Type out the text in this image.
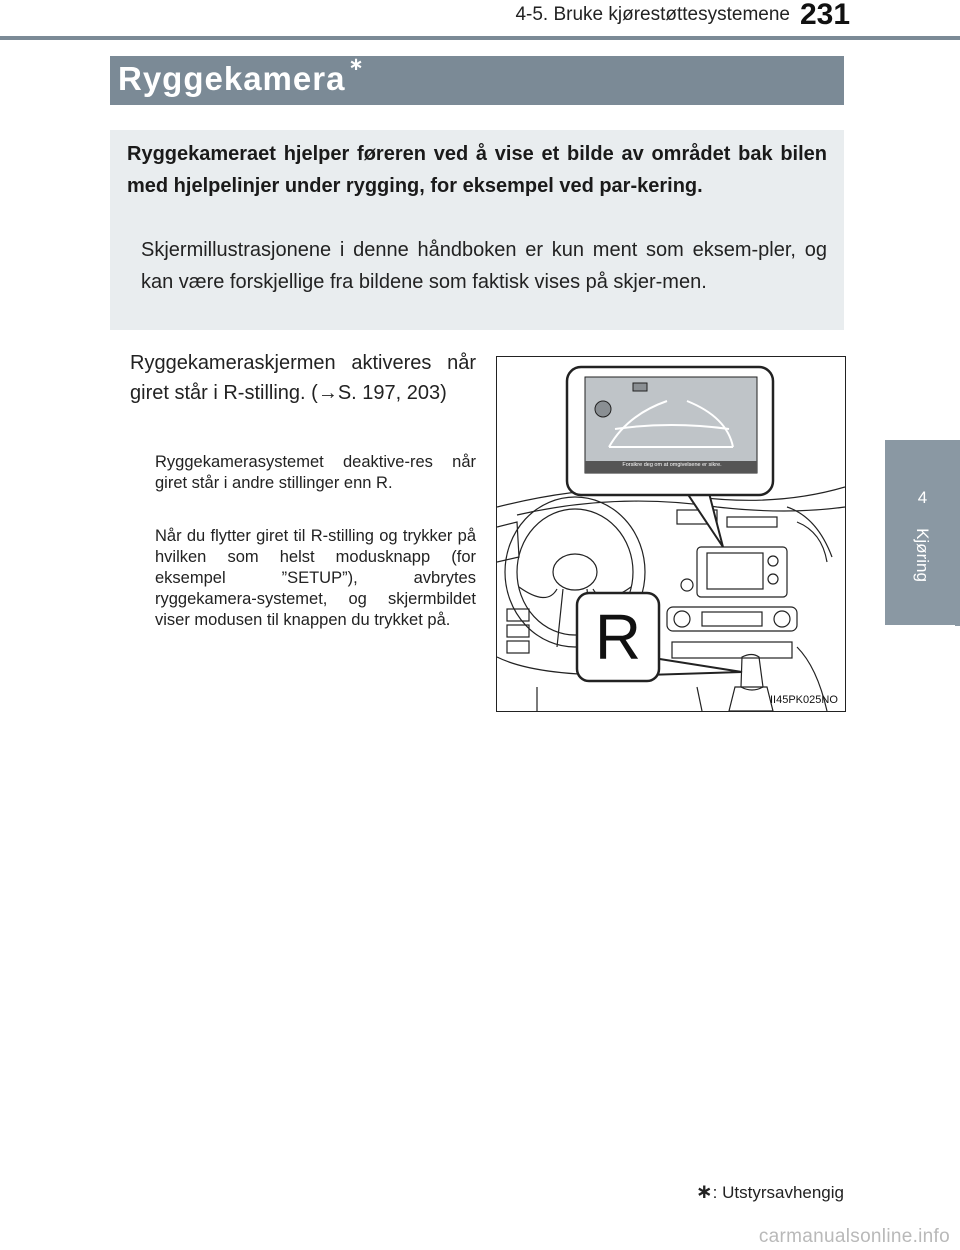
4-5. Bruke kjørestøttesystemene 231
4
Kjøring
Ryggekamera ∗
Ryggekameraet hjelper føreren ved å vise et bilde av området bak bilen med hjelpelinjer under rygging, for eksempel ved par-kering.
Skjermillustrasjonene i denne håndboken er kun ment som eksem-pler, og kan være forskjellige fra bildene som faktisk vises på skjer-men.
Ryggekameraskjermen aktiveres når giret står i R-stilling. (→S. 197, 203)
Ryggekamerasystemet deaktive-res når giret står i andre stillinger enn R.
Når du flytter giret til R-stilling og trykker på hvilken som helst modusknapp (for eksempel ”SETUP”), avbrytes ryggekamera-systemet, og skjermbildet viser modusen til knappen du trykket på.	R
Forsikre deg om at omgivelsene er sikre.
II45PK025NO
∗: Utstyrsavhengig
carmanualsonline.info
